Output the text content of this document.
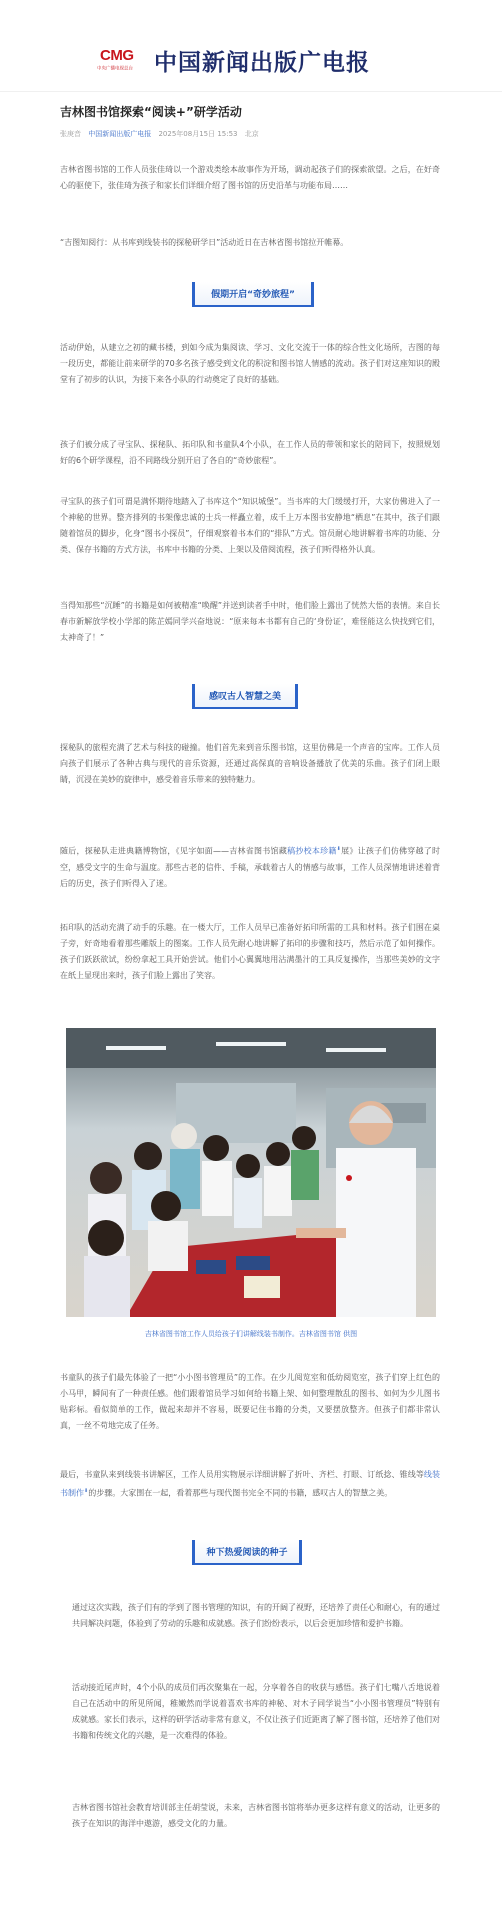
CMG
中央广播电视总台 中国新闻出版广电报
吉林图书馆探索“阅读+”研学活动
张庚音 中国新闻出版广电报 2025年08月15日 15:53 北京
吉林省图书馆的工作人员张佳琦以一个游戏类绘本故事作为开场，调动起孩子们的探索欲望。之后，在好奇心的驱使下，张佳琦为孩子和家长们详细介绍了图书馆的历史沿革与功能布局……
“吉图知阅行：从书库到线装书的探秘研学日”活动近日在吉林省图书馆拉开帷幕。
假期开启“奇妙旅程”
活动伊始，从建立之初的藏书楼，到如今成为集阅读、学习、文化交流于一体的综合性文化场所，吉图的每一段历史，都能让前来研学的70多名孩子感受到文化的积淀和图书馆人情感的流动。孩子们对这座知识的殿堂有了初步的认识，为接下来各小队的行动奠定了良好的基础。
孩子们被分成了寻宝队、探秘队、拓印队和书童队4个小队，在工作人员的带领和家长的陪同下，按照规划好的6个研学课程，沿不同路线分别开启了各自的“奇妙旅程”。
寻宝队的孩子们可谓是满怀期待地踏入了书库这个“知识城堡”。当书库的大门缓缓打开，大家仿佛进入了一个神秘的世界。整齐排列的书架像忠诚的士兵一样矗立着，成千上万本图书安静地“栖息”在其中，孩子们跟随着馆员的脚步，化身“图书小探员”，仔细观察着书本们的“排队”方式。馆员耐心地讲解着书库的功能、分类、保存书籍的方式方法，书库中书籍的分类、上架以及借阅流程，孩子们听得格外认真。
当得知那些“沉睡”的书籍是如何被精准“唤醒”并送到读者手中时，他们脸上露出了恍然大悟的表情。来自长春市新解放学校小学部的陈芷嫣同学兴奋地说：“原来每本书都有自己的‘身份证’，难怪能这么快找到它们，太神奇了！”
感叹古人智慧之美
探秘队的旅程充满了艺术与科技的碰撞。他们首先来到音乐图书馆，这里仿佛是一个声音的宝库。工作人员向孩子们展示了各种古典与现代的音乐资源，还通过高保真的音响设备播放了优美的乐曲。孩子们闭上眼睛，沉浸在美妙的旋律中，感受着音乐带来的独特魅力。
随后，探秘队走进典籍博物馆，《见字如面——吉林省图书馆藏稿抄校本珍籍⬇展》让孩子们仿佛穿越了时空，感受文字的生命与温度。那些古老的信件、手稿，承载着古人的情感与故事，工作人员深情地讲述着背后的历史，孩子们听得入了迷。
拓印队的活动充满了动手的乐趣。在一楼大厅，工作人员早已准备好拓印所需的工具和材料。孩子们围在桌子旁，好奇地看着那些雕版上的图案。工作人员先耐心地讲解了拓印的步骤和技巧，然后示范了如何操作。孩子们跃跃欲试，纷纷拿起工具开始尝试。他们小心翼翼地用沾满墨汁的工具反复操作，当那些美妙的文字在纸上显现出来时，孩子们脸上露出了笑容。
吉林省图书馆工作人员给孩子们讲解线装书制作。吉林省图书馆 供图
书童队的孩子们最先体验了一把“小小图书管理员”的工作。在少儿阅览室和低幼阅览室，孩子们穿上红色的小马甲，瞬间有了一种责任感。他们跟着馆员学习如何给书籍上架、如何整理散乱的图书、如何为少儿图书贴彩标。看似简单的工作，做起来却并不容易，既要记住书籍的分类，又要摆放整齐。但孩子们都非常认真，一丝不苟地完成了任务。
最后，书童队来到线装书讲解区，工作人员用实物展示详细讲解了折叶、齐栏、打眼、订纸捻、锥线等线装书制作⬇的步骤。大家围在一起，看着那些与现代图书完全不同的书籍，感叹古人的智慧之美。
种下热爱阅读的种子
通过这次实践，孩子们有的学到了图书管理的知识，有的开阔了视野，还培养了责任心和耐心，有的通过共同解决问题，体验到了劳动的乐趣和成就感。孩子们纷纷表示，以后会更加珍惜和爱护书籍。
活动接近尾声时，4个小队的成员们再次聚集在一起，分享着各自的收获与感悟。孩子们七嘴八舌地说着自己在活动中的所见所闻，稚嫩然而学说着喜欢书库的神秘、对木子同学说当“小小图书管理员”特别有成就感。家长们表示，这样的研学活动非常有意义，不仅让孩子们近距离了解了图书馆，还培养了他们对书籍和传统文化的兴趣，是一次难得的体验。
吉林省图书馆社会教育培训部主任胡莹说，未来，吉林省图书馆将举办更多这样有意义的活动，让更多的孩子在知识的海洋中遨游，感受文化的力量。
